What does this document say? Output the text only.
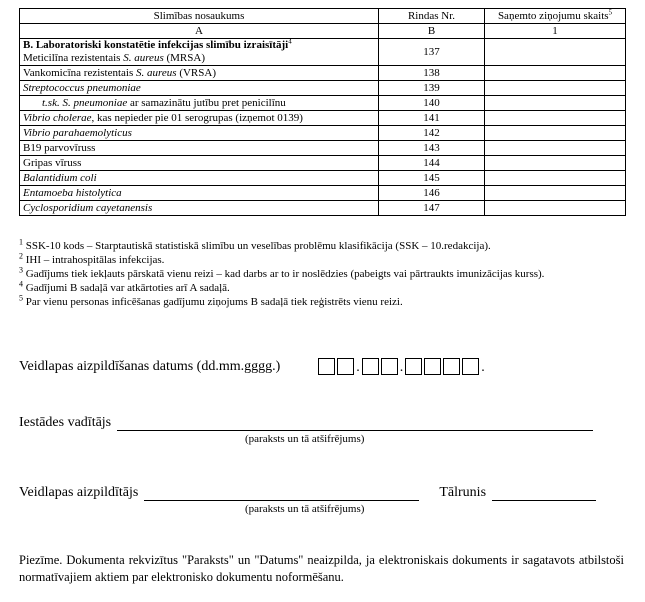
Slimības nosaukums	Rindas Nr.	Saņemto ziņojumu skaits$^5$
A	B	1
B. Laboratoriski konstatētie infekcijas slimību izraisītāji$^4$
Meticilīna rezistentais S. aureus (MRSA)	137	
Vankomicīna rezistentais S. aureus (VRSA)	138	
Streptococcus pneumoniae	139	
t.sk. S. pneumoniae ar samazinātu jutību pret penicilīnu	140	
Vibrio cholerae, kas nepieder pie 01 serogrupas (izņemot 0139)	141	
Vibrio parahaemolyticus	142	
B19 parvovīruss	143	
Gripas vīruss	144	
Balantidium coli	145	
Entamoeba histolytica	146	
Cyclosporidium cayetanensis	147	

$^1$ SSK-10 kods – Starptautiskā statistiskā slimību un veselības problēmu klasifikācija (SSK – 10.redakcija).

$^2$ IHI – intrahospitālas infekcijas.

$^3$ Gadījums tiek iekļauts pārskatā vienu reizi – kad darbs ar to ir noslēdzies (pabeigts vai pārtraukts imunizācijas kurss).

$^4$ Gadījumi B sadaļā var atkārtoties arī A sadaļā.

$^5$ Par vienu personas inficēšanas gadījumu ziņojums B sadaļā tiek reģistrēts vienu reizi.

Veidlapas aizpildīšanas datums (dd.mm.gggg.)	.	.	.
Iestādes vadītājs
(paraksts un tā atšifrējums)
Veidlapas aizpildītājs	Tālrunis
(paraksts un tā atšifrējums)
Piezīme. Dokumenta rekvizītus "Paraksts" un "Datums" neaizpilda, ja elektroniskais dokuments ir sagatavots atbilstoši normatīvajiem aktiem par elektronisko dokumentu noformēšanu.
